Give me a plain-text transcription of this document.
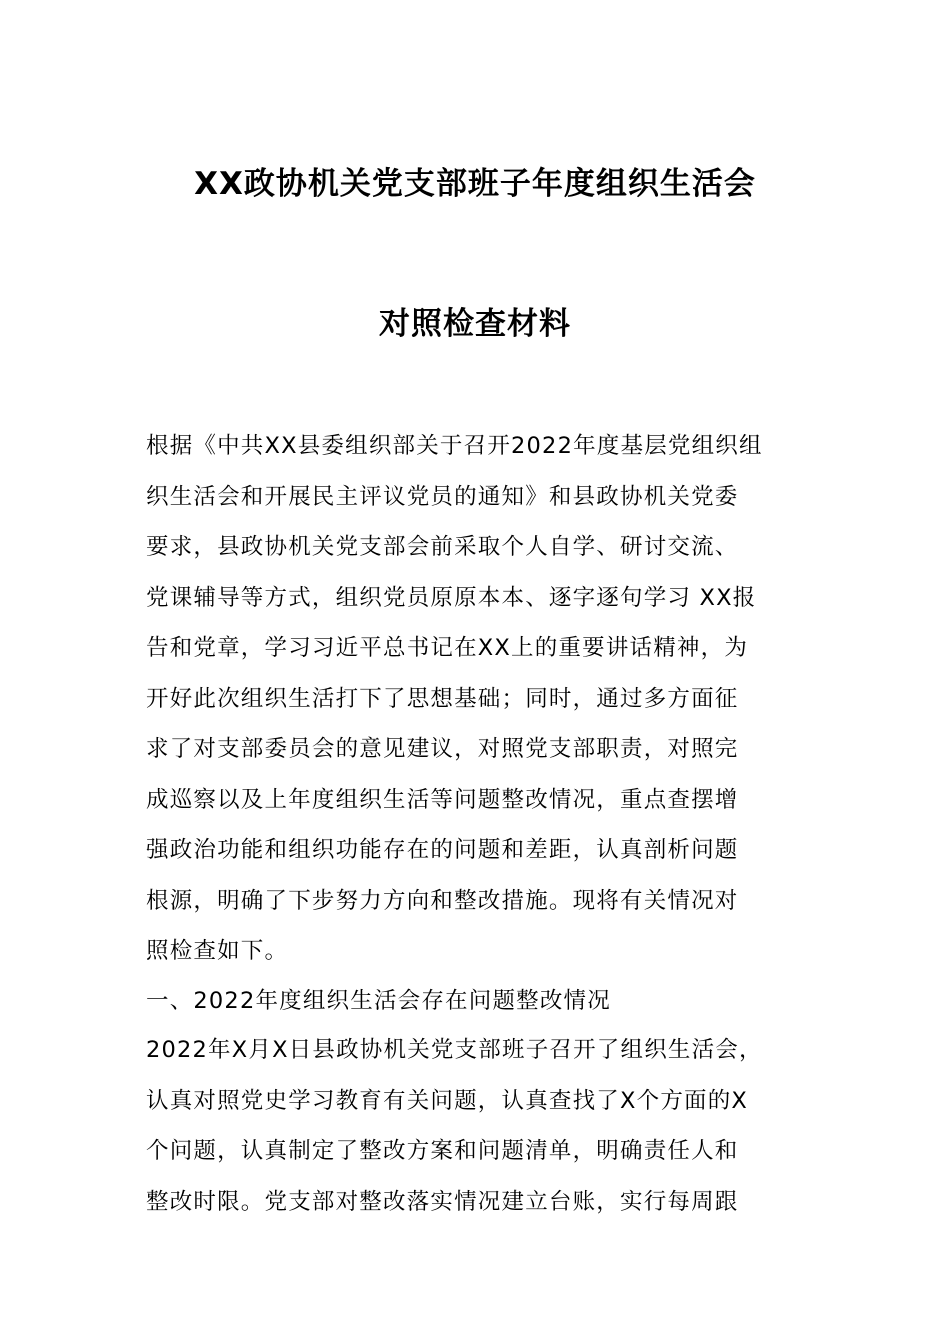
XX政协机关党支部班子年度组织生活会
对照检查材料
根据《中共XX县委组织部关于召开2022年度基层党组织组
织生活会和开展民主评议党员的通知》和县政协机关党委
要求，县政协机关党支部会前采取个人自学、研讨交流、
党课辅导等方式，组织党员原原本本、逐字逐句学习 XX报
告和党章，学习习近平总书记在XX上的重要讲话精神，为
开好此次组织生活打下了思想基础；同时，通过多方面征
求了对支部委员会的意见建议，对照党支部职责，对照完
成巡察以及上年度组织生活等问题整改情况，重点查摆增
强政治功能和组织功能存在的问题和差距，认真剖析问题
根源，明确了下步努力方向和整改措施。现将有关情况对
照检查如下。
一、2022年度组织生活会存在问题整改情况
2022年X月X日县政协机关党支部班子召开了组织生活会，
认真对照党史学习教育有关问题，认真查找了X个方面的X
个问题，认真制定了整改方案和问题清单，明确责任人和
整改时限。党支部对整改落实情况建立台账，实行每周跟
